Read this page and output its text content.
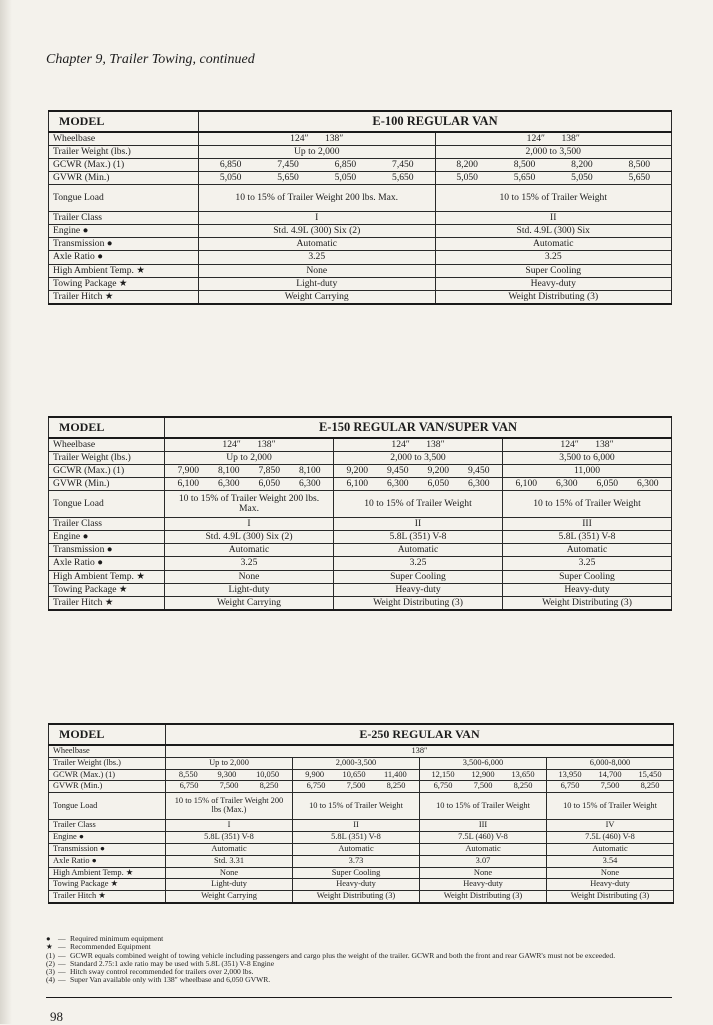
Chapter 9, Trailer Towing, continued
MODEL	E-100 REGULAR VAN	
Wheelbase	124″ 138″	124″ 138″
Trailer Weight (lbs.)	Up to 2,000	2,000 to 3,500
GCWR (Max.) (1)	6,850 7,450 6,850 7,450	8,200 8,500 8,200 8,500

GVWR (Min.)	5,050 5,650 5,050 5,650	5,050 5,650 5,050 5,650

Tongue Load	10 to 15% of Trailer Weight 200 lbs. Max.	10 to 15% of Trailer Weight
Trailer Class	I	II
Engine ●	Std. 4.9L (300) Six (2)	Std. 4.9L (300) Six
Transmission ●	Automatic	Automatic
Axle Ratio ●	3.25	3.25
High Ambient Temp. ★	None	Super Cooling
Towing Package ★	Light-duty	Heavy-duty
Trailer Hitch ★	Weight Carrying	Weight Distributing (3)
MODEL	E-150 REGULAR VAN/SUPER VAN		
Wheelbase	124″ 138″	124″ 138″	124″ 138″
Trailer Weight (lbs.)	Up to 2,000	2,000 to 3,500	3,500 to 6,000
GCWR (Max.) (1)	7,900 8,100 7,850 8,100	9,200 9,450 9,200 9,450	11,000
GVWR (Min.)	6,100 6,300 6,050 6,300	6,100 6,300 6,050 6,300	6,100 6,300 6,050 6,300

Tongue Load	10 to 15% of Trailer Weight 200 lbs. Max.	10 to 15% of Trailer Weight	10 to 15% of Trailer Weight
Trailer Class	I	II	III
Engine ●	Std. 4.9L (300) Six (2)	5.8L (351) V-8	5.8L (351) V-8
Transmission ●	Automatic	Automatic	Automatic
Axle Ratio ●	3.25	3.25	3.25
High Ambient Temp. ★	None	Super Cooling	Super Cooling
Towing Package ★	Light-duty	Heavy-duty	Heavy-duty
Trailer Hitch ★	Weight Carrying	Weight Distributing (3)	Weight Distributing (3)
MODEL	E-250 REGULAR VAN			
Wheelbase	138″			
Trailer Weight (lbs.)	Up to 2,000	2,000-3,500	3,500-6,000	6,000-8,000
GCWR (Max.) (1)	8,550 9,300 10,050	9,900 10,650 11,400	12,150 12,900 13,650	13,950 14,700 15,450

GVWR (Min.)	6,750 7,500 8,250	6,750 7,500 8,250	6,750 7,500 8,250	6,750 7,500 8,250

Tongue Load	10 to 15% of Trailer Weight 200 lbs (Max.)	10 to 15% of Trailer Weight	10 to 15% of Trailer Weight	10 to 15% of Trailer Weight
Trailer Class	I	II	III	IV
Engine ●	5.8L (351) V-8	5.8L (351) V-8	7.5L (460) V-8	7.5L (460) V-8
Transmission ●	Automatic	Automatic	Automatic	Automatic
Axle Ratio ●	Std. 3.31	3.73	3.07	3.54
High Ambient Temp. ★	None	Super Cooling	None	None
Towing Package ★	Light-duty	Heavy-duty	Heavy-duty	Heavy-duty
Trailer Hitch ★	Weight Carrying	Weight Distributing (3)	Weight Distributing (3)	Weight Distributing (3)
● — Required minimum equipment
★ — Recommended Equipment
(1) — GCWR equals combined weight of towing vehicle including passengers and cargo plus the weight of the trailer. GCWR and both the front and rear GAWR's must not be exceeded.
(2) — Standard 2.75:1 axle ratio may be used with 5.8L (351) V-8 Engine
(3) — Hitch sway control recommended for trailers over 2,000 lbs.
(4) — Super Van available only with 138″ wheelbase and 6,050 GVWR.
98
